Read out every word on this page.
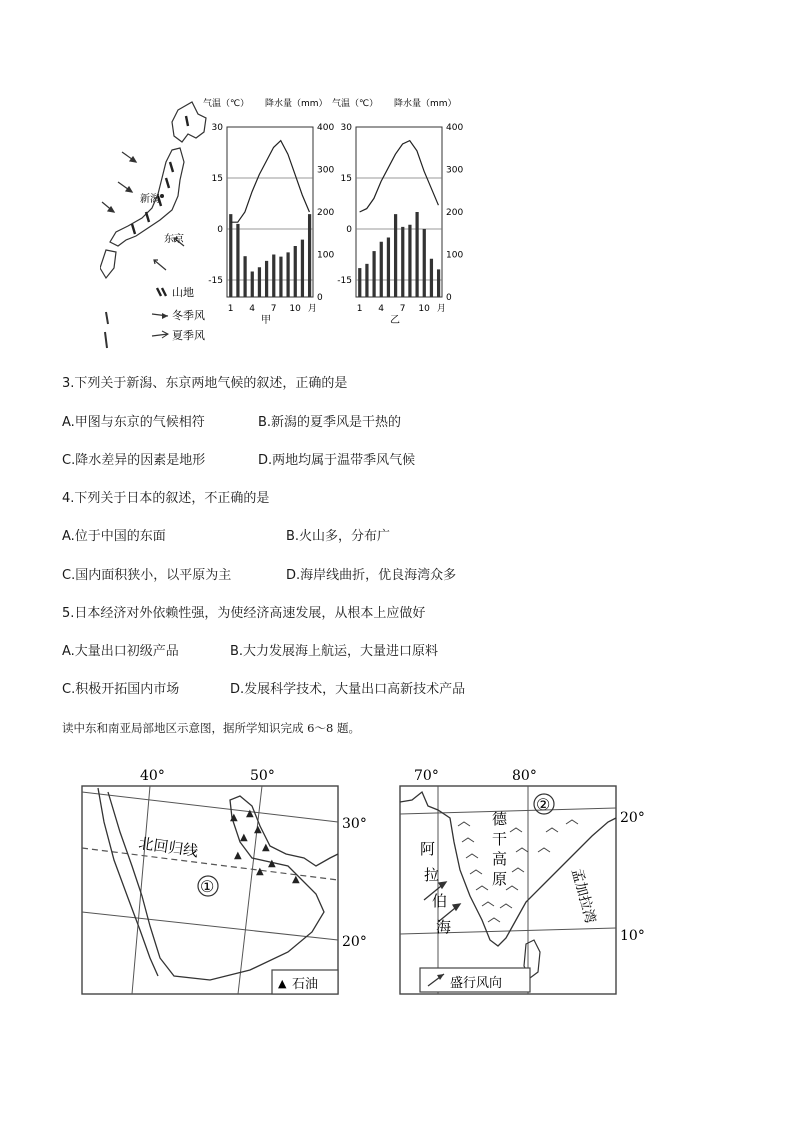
新潟
东京
山地
冬季风
夏季风
气温（℃） 降水量（mm）
30
15
0
-15
400
300
200
100
0
1 4 7 10 月
甲
气温（℃） 降水量（mm）
30
15
0
-15
400
300
200
100
0
1 4 7 10 月
乙
3.下列关于新潟、东京两地气候的叙述，正确的是
A.甲图与东京的气候相符	B.新潟的夏季风是干热的
C.降水差异的因素是地形	D.两地均属于温带季风气候
4.下列关于日本的叙述，不正确的是
A.位于中国的东面	B.火山多，分布广
C.国内面积狭小，以平原为主	D.海岸线曲折，优良海湾众多
5.日本经济对外依赖性强，为使经济高速发展，从根本上应做好
A.大量出口初级产品	B.大力发展海上航运，大量进口原料
C.积极开拓国内市场	D.发展科学技术，大量出口高新技术产品
读中东和南亚局部地区示意图，据所学知识完成 6～8 题。
40°	50°
30°
20°
▲ ▲
▲
▲
▲
▲
▲
▲
▲
北回归线
①
▲ 石油
70°	80°
20°
10°
阿
拉
伯
海
德
干
高
原	孟加拉湾
②
盛行风向
